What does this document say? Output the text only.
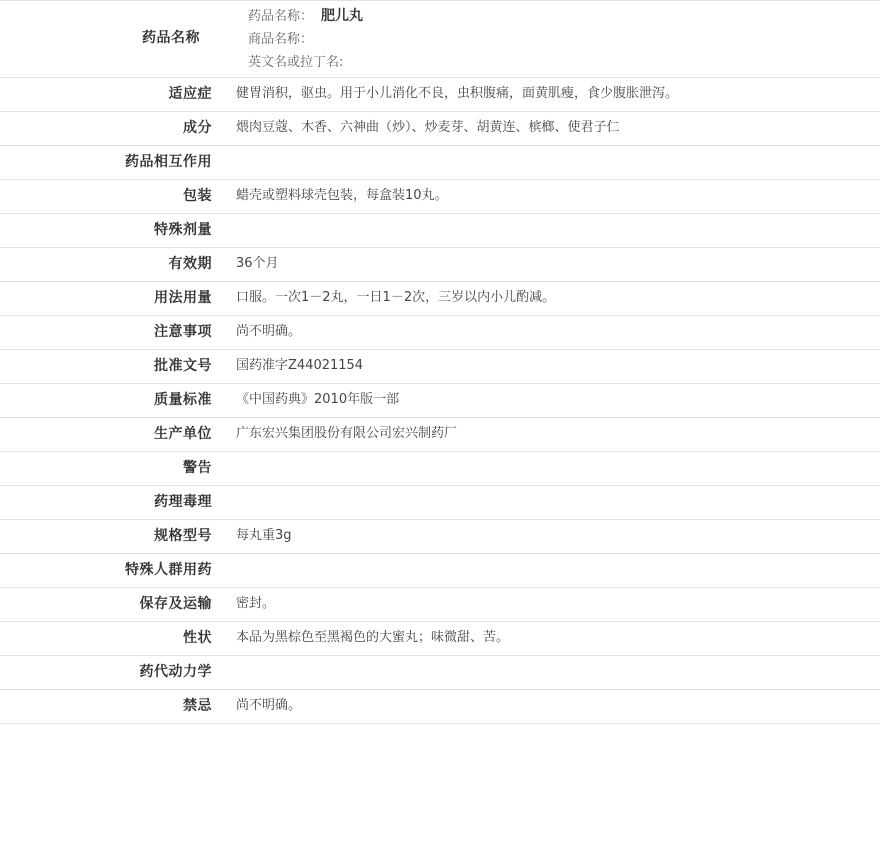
药品名称	药品名称： 肥儿丸
商品名称：
英文名或拉丁名:

适应症	健胃消积，驱虫。用于小儿消化不良，虫积腹痛，面黄肌瘦，食少腹胀泄泻。

成分	煨肉豆蔻、木香、六神曲（炒）、炒麦芽、胡黄连、槟榔、使君子仁

药品相互作用	

包装	蜡壳或塑料球壳包装，每盒装10丸。

特殊剂量	

有效期	36个月

用法用量	口服。一次1－2丸，一日1－2次，三岁以内小儿酌减。

注意事项	尚不明确。

批准文号	国药准字Z44021154

质量标准	《中国药典》2010年版一部

生产单位	广东宏兴集团股份有限公司宏兴制药厂

警告	

药理毒理	

规格型号	每丸重3g

特殊人群用药	

保存及运输	密封。

性状	本品为黑棕色至黑褐色的大蜜丸；味微甜、苦。

药代动力学	

禁忌	尚不明确。
